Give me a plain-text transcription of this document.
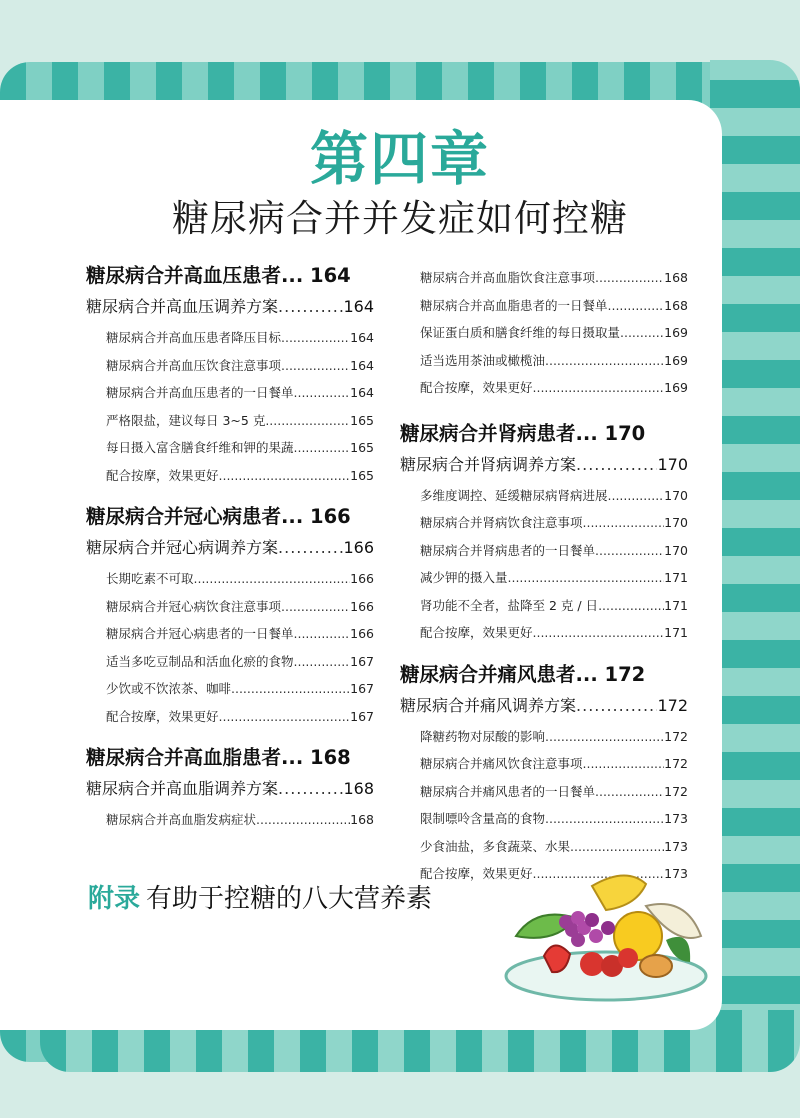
第四章
糖尿病合并并发症如何控糖
糖尿病合并高血压患者... 164
糖尿病合并高血压调养方案 .....	164
糖尿病合并高血压患者降压目标 .....	164
糖尿病合并高血压饮食注意事项 .....	164
糖尿病合并高血压患者的一日餐单 .....	164
严格限盐，建议每日 3~5 克 .....	165
每日摄入富含膳食纤维和钾的果蔬 .....	165
配合按摩，效果更好 .....	165
糖尿病合并冠心病患者... 166
糖尿病合并冠心病调养方案 .....	166
长期吃素不可取 .....	166
糖尿病合并冠心病饮食注意事项 .....	166
糖尿病合并冠心病患者的一日餐单 .....	166
适当多吃豆制品和活血化瘀的食物 .....	167
少饮或不饮浓茶、咖啡 .....	167
配合按摩，效果更好 .....	167
糖尿病合并高血脂患者... 168
糖尿病合并高血脂调养方案 .....	168
糖尿病合并高血脂发病症状 .....	168
糖尿病合并高血脂饮食注意事项 .....	168
糖尿病合并高血脂患者的一日餐单 .....	168
保证蛋白质和膳食纤维的每日摄取量 .....	169
适当选用茶油或橄榄油 .....	169
配合按摩，效果更好 .....	169
糖尿病合并肾病患者... 170
糖尿病合并肾病调养方案 .....	170
多维度调控、延缓糖尿病肾病进展 .....	170
糖尿病合并肾病饮食注意事项 .....	170
糖尿病合并肾病患者的一日餐单 .....	170
减少钾的摄入量 .....	171
肾功能不全者，盐降至 2 克 / 日 .....	171
配合按摩，效果更好 .....	171
糖尿病合并痛风患者... 172
糖尿病合并痛风调养方案 .....	172
降糖药物对尿酸的影响 .....	172
糖尿病合并痛风饮食注意事项 .....	172
糖尿病合并痛风患者的一日餐单 .....	172
限制嘌呤含量高的食物 .....	173
少食油盐，多食蔬菜、水果 .....	173
配合按摩，效果更好 .....	173
附录 有助于控糖的八大营养素
